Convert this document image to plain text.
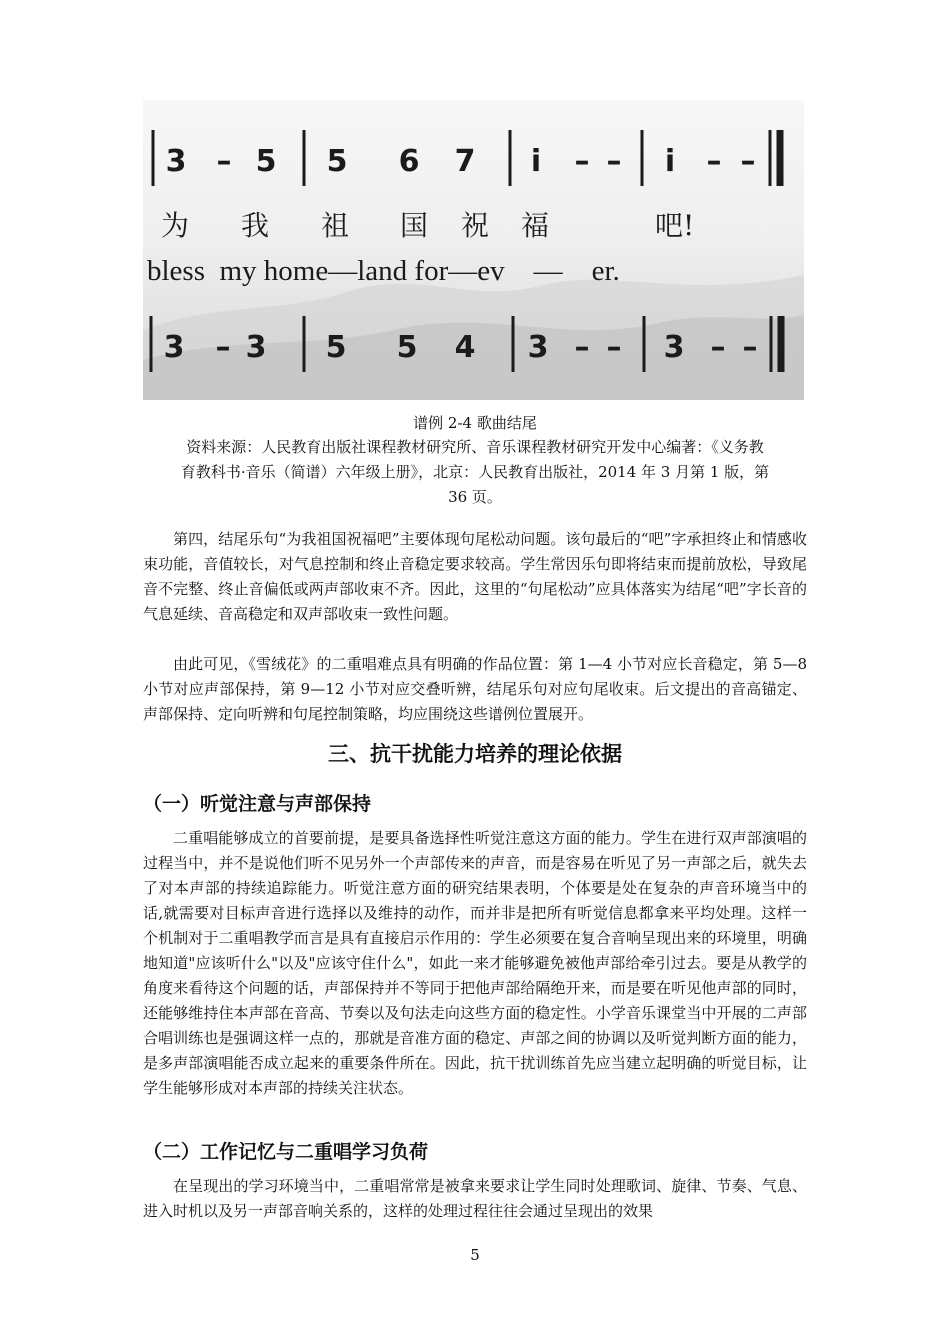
3 – 5 5 6 7	i	– –	i	– –
为 我 祖 国 祝 福	吧!
bless  my home—land for—ev    —    er.
3 – 3 5 5 4 3 – – 3 – –
谱例 2-4 歌曲结尾
资料来源：人民教育出版社课程教材研究所、音乐课程教材研究开发中心编著：《义务教
育教科书·音乐（简谱）六年级上册》，北京：人民教育出版社，2014 年 3 月第 1 版，第
36 页。

第四，结尾乐句“为我祖国祝福吧”主要体现句尾松动问题。该句最后的“吧”字承担终止和情感收束功能，音值较长，对气息控制和终止音稳定要求较高。学生常因乐句即将结束而提前放松，导致尾音不完整、终止音偏低或两声部收束不齐。因此，这里的“句尾松动”应具体落实为结尾“吧”字长音的气息延续、音高稳定和双声部收束一致性问题。

由此可见，《雪绒花》的二重唱难点具有明确的作品位置：第 1—4 小节对应长音稳定，第 5—8 小节对应声部保持，第 9—12 小节对应交叠听辨，结尾乐句对应句尾收束。后文提出的音高锚定、声部保持、定向听辨和句尾控制策略，均应围绕这些谱例位置展开。

三、抗干扰能力培养的理论依据
（一）听觉注意与声部保持

二重唱能够成立的首要前提，是要具备选择性听觉注意这方面的能力。学生在进行双声部演唱的过程当中，并不是说他们听不见另外一个声部传来的声音，而是容易在听见了另一声部之后，就失去了对本声部的持续追踪能力。听觉注意方面的研究结果表明，个体要是处在复杂的声音环境当中的话,就需要对目标声音进行选择以及维持的动作，而并非是把所有听觉信息都拿来平均处理。这样一个机制对于二重唱教学而言是具有直接启示作用的：学生必须要在复合音响呈现出来的环境里，明确地知道"应该听什么"以及"应该守住什么"，如此一来才能够避免被他声部给牵引过去。要是从教学的角度来看待这个问题的话，声部保持并不等同于把他声部给隔绝开来，而是要在听见他声部的同时，还能够维持住本声部在音高、节奏以及句法走向这些方面的稳定性。小学音乐课堂当中开展的二声部合唱训练也是强调这样一点的，那就是音准方面的稳定、声部之间的协调以及听觉判断方面的能力，是多声部演唱能否成立起来的重要条件所在。因此，抗干扰训练首先应当建立起明确的听觉目标，让学生能够形成对本声部的持续关注状态。

（二）工作记忆与二重唱学习负荷

在呈现出的学习环境当中，二重唱常常是被拿来要求让学生同时处理歌词、旋律、节奏、气息、进入时机以及另一声部音响关系的，这样的处理过程往往会通过呈现出的效果

5
